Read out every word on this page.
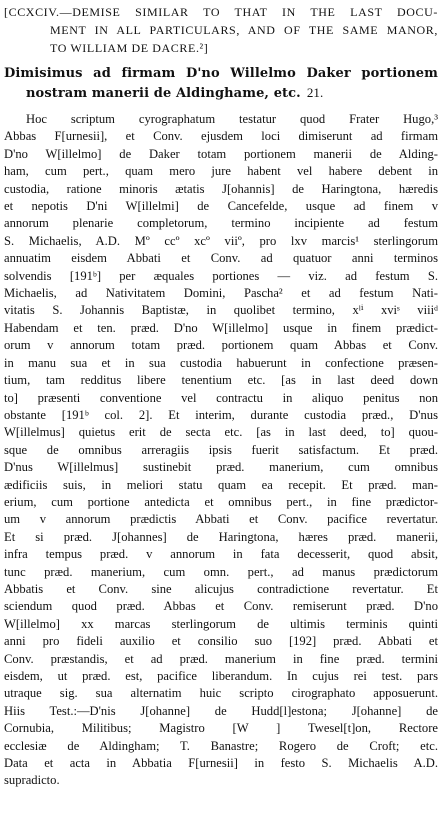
[CCXCIV.—DEMISE SIMILAR TO THAT IN THE LAST DOCU-
MENT IN ALL PARTICULARS, AND OF THE SAME MANOR,
TO WILLIAM DE DACRE.²]
Dimisimus ad firmam D'no Willelmo Daker portionem
nostram manerii de Aldinghame, etc. 21.
Hoc scriptum cyrographatum testatur quod Frater Hugo,³
Abbas F[urnesii], et Conv. ejusdem loci dimiserunt ad firmam
D'no W[illelmo] de Daker totam portionem manerii de Alding-
ham, cum pert., quam mero jure habent vel habere debent in
custodia, ratione minoris ætatis J[ohannis] de Haringtona, hæredis
et nepotis D'ni W[illelmi] de Cancefelde, usque ad finem v
annorum plenarie completorum, termino incipiente ad festum
S. Michaelis, A.D. Mº ccº xcº viiº, pro lxv marcis¹ sterlingorum
annuatim eisdem Abbati et Conv. ad quatuor anni terminos
solvendis [191ᵇ] per æquales portiones — viz. ad festum S.
Michaelis, ad Nativitatem Domini, Pascha² et ad festum Nati-
vitatis S. Johannis Baptistæ, in quolibet termino, xˡⁱ xviˢ viiiᵈ
Habendam et ten. præd. D'no W[illelmo] usque in finem prædict-
orum v annorum totam præd. portionem quam Abbas et Conv.
in manu sua et in sua custodia habuerunt in confectione præsen-
tium, tam redditus libere tenentium etc. [as in last deed down
to] præsenti conventione vel contractu in aliquo penitus non
obstante [191ᵇ col. 2]. Et interim, durante custodia præd., D'nus
W[illelmus] quietus erit de secta etc. [as in last deed, to] quou-
sque de omnibus arreragiis ipsis fuerit satisfactum. Et præd.
D'nus W[illelmus] sustinebit præd. manerium, cum omnibus
ædificiis suis, in meliori statu quam ea recepit. Et præd. man-
erium, cum portione antedicta et omnibus pert., in fine prædictor-
um v annorum prædictis Abbati et Conv. pacifice revertatur.
Et si præd. J[ohannes] de Haringtona, hæres præd. manerii,
infra tempus præd. v annorum in fata decesserit, quod absit,
tunc præd. manerium, cum omn. pert., ad manus prædictorum
Abbatis et Conv. sine alicujus contradictione revertatur. Et
sciendum quod præd. Abbas et Conv. remiserunt præd. D'no
W[illelmo] xx marcas sterlingorum de ultimis terminis quinti
anni pro fideli auxilio et consilio suo [192] præd. Abbati et
Conv. præstandis, et ad præd. manerium in fine præd. termini
eisdem, ut præd. est, pacifice liberandum. In cujus rei test. pars
utraque sig. sua alternatim huic scripto cirographato apposuerunt.
Hiis Test.:—D'nis J[ohanne] de Hudd[l]estona; J[ohanne] de
Cornubia, Militibus; Magistro [W ] Twesel[t]on, Rectore
ecclesiæ de Aldingham; T. Banastre; Rogero de Croft; etc.
Data et acta in Abbatia F[urnesii] in festo S. Michaelis A.D.
supradicto.
